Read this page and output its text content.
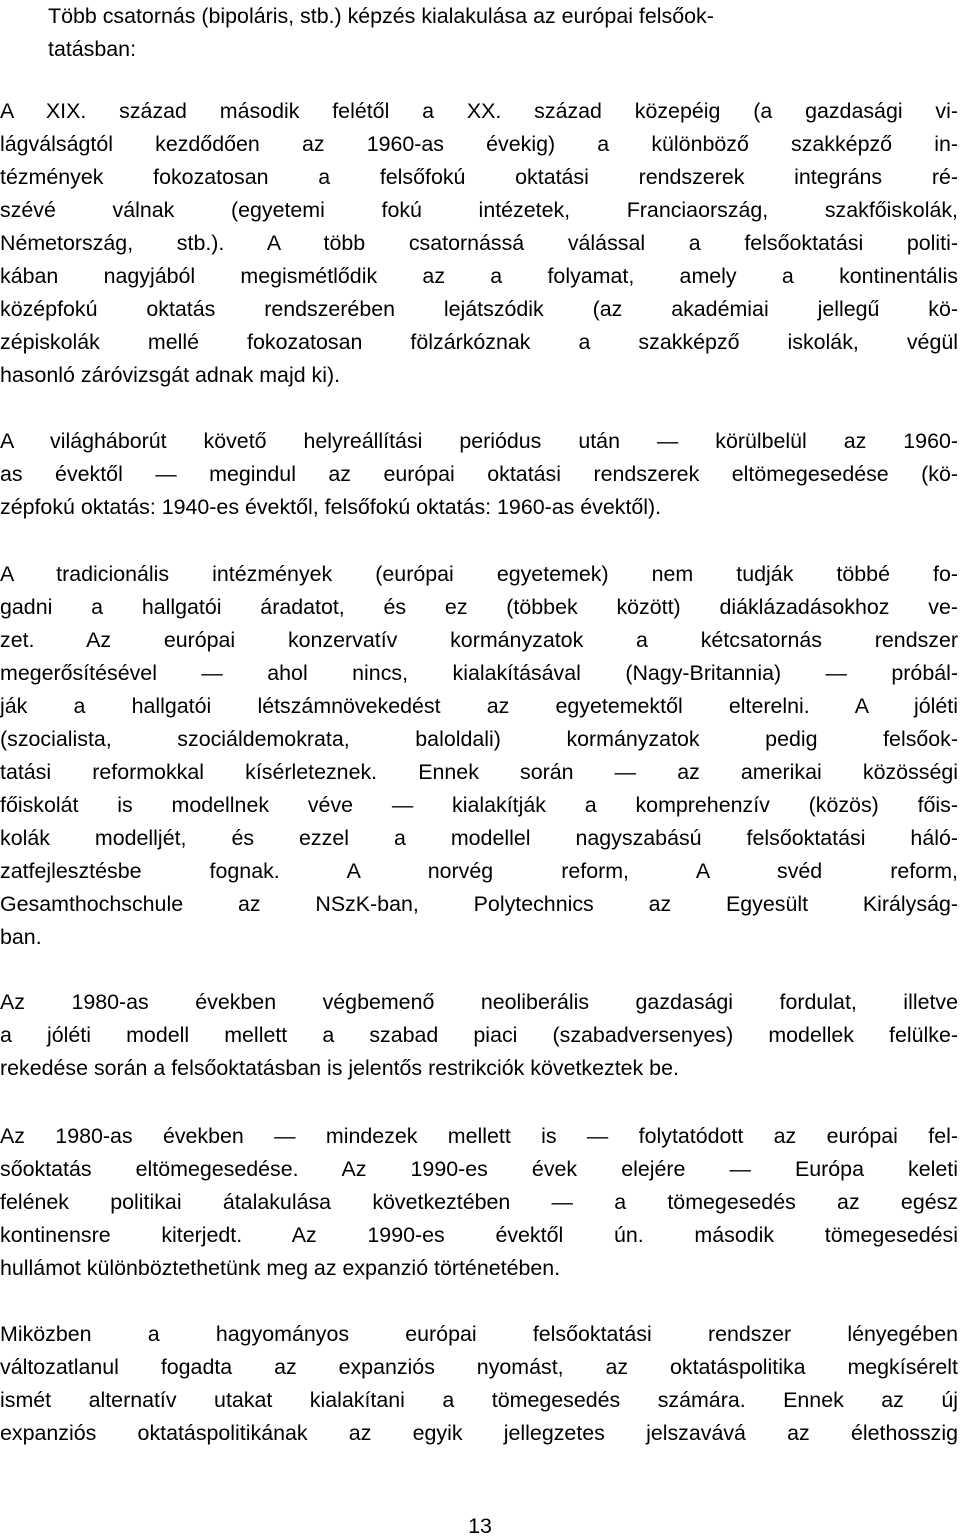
Több csatornás (bipoláris, stb.) képzés kialakulása az európai felsőok-
tatásban:
A XIX. század második felétől a XX. század közepéig (a gazdasági vi-
lágválságtól kezdődően az 1960-as évekig) a különböző szakképző in-
tézmények fokozatosan a felsőfokú oktatási rendszerek integráns ré-
szévé válnak (egyetemi fokú intézetek, Franciaország, szakfőiskolák,
Németország, stb.). A több csatornássá válással a felsőoktatási politi-
kában nagyjából megismétlődik az a folyamat, amely a kontinentális
középfokú oktatás rendszerében lejátszódik (az akadémiai jellegű kö-
zépiskolák mellé fokozatosan fölzárkóznak a szakképző iskolák, végül
hasonló záróvizsgát adnak majd ki).
A világháborút követő helyreállítási periódus után — körülbelül az 1960-
as évektől — megindul az európai oktatási rendszerek eltömegesedése (kö-
zépfokú oktatás: 1940-es évektől, felsőfokú oktatás: 1960-as évektől).
A tradicionális intézmények (európai egyetemek) nem tudják többé fo-
gadni a hallgatói áradatot, és ez (többek között) diáklázadásokhoz ve-
zet. Az európai konzervatív kormányzatok a kétcsatornás rendszer
megerősítésével — ahol nincs, kialakításával (Nagy-Britannia) — próbál-
ják a hallgatói létszámnövekedést az egyetemektől elterelni. A jóléti
(szocialista, szociáldemokrata, baloldali) kormányzatok pedig felsőok-
tatási reformokkal kísérleteznek. Ennek során — az amerikai közösségi
főiskolát is modellnek véve — kialakítják a komprehenzív (közös) főis-
kolák modelljét, és ezzel a modellel nagyszabású felsőoktatási háló-
zatfejlesztésbe fognak. A norvég reform, A svéd reform,
Gesamthochschule az NSzK-ban, Polytechnics az Egyesült Királyság-
ban.
Az 1980-as években végbemenő neoliberális gazdasági fordulat, illetve
a jóléti modell mellett a szabad piaci (szabadversenyes) modellek felülke-
rekedése során a felsőoktatásban is jelentős restrikciók következtek be.
Az 1980-as években — mindezek mellett is — folytatódott az európai fel-
sőoktatás eltömegesedése. Az 1990-es évek elejére — Európa keleti
felének politikai átalakulása következtében — a tömegesedés az egész
kontinensre kiterjedt. Az 1990-es évektől ún. második tömegesedési
hullámot különböztethetünk meg az expanzió történetében.
Miközben a hagyományos európai felsőoktatási rendszer lényegében
változatlanul fogadta az expanziós nyomást, az oktatáspolitika megkísérelt
ismét alternatív utakat kialakítani a tömegesedés számára. Ennek az új
expanziós oktatáspolitikának az egyik jellegzetes jelszavává az élethosszig
13
